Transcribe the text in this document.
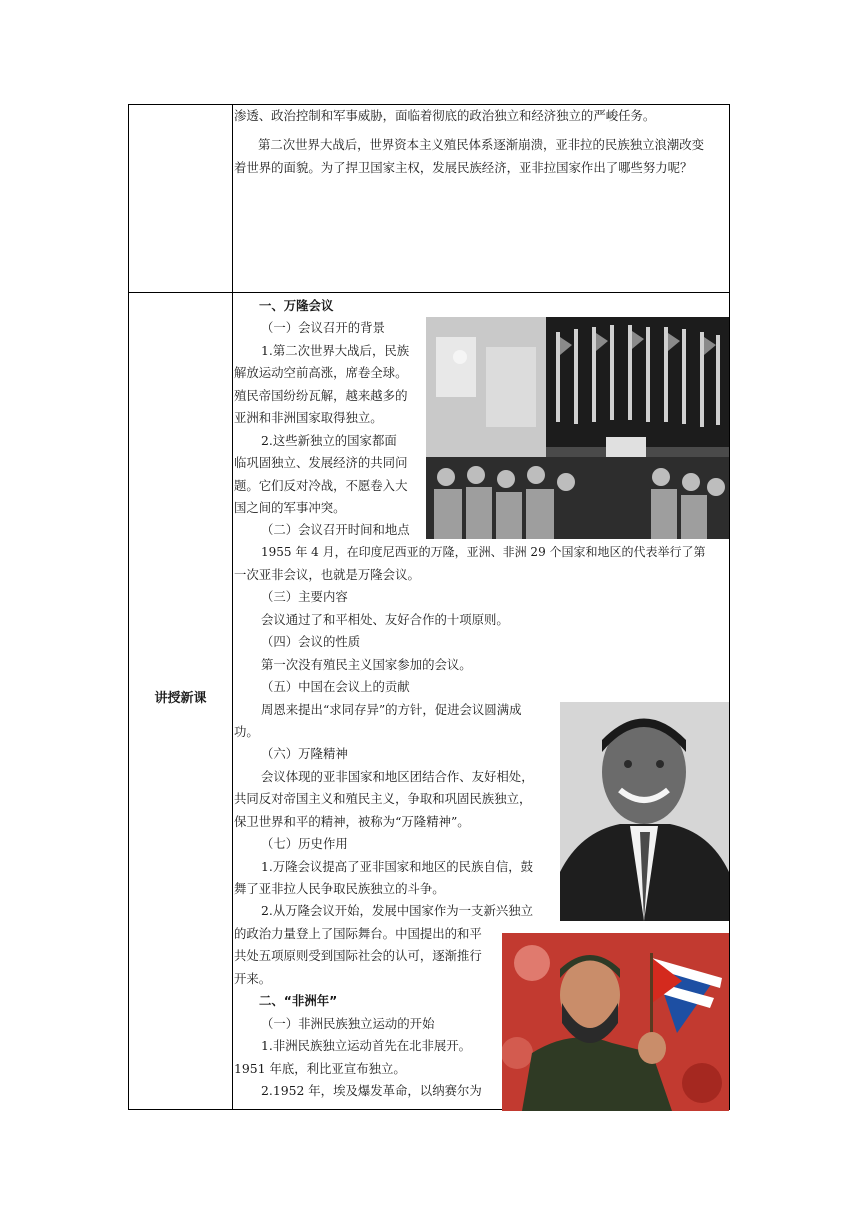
渗透、政治控制和军事威胁，面临着彻底的政治独立和经济独立的严峻任务。
第二次世界大战后，世界资本主义殖民体系逐渐崩溃，亚非拉的民族独立浪潮改变
着世界的面貌。为了捍卫国家主权，发展民族经济，亚非拉国家作出了哪些努力呢？
讲授新课
一、万隆会议
（一）会议召开的背景
1.第二次世界大战后，民族
解放运动空前高涨，席卷全球。
殖民帝国纷纷瓦解，越来越多的
亚洲和非洲国家取得独立。
2.这些新独立的国家都面
临巩固独立、发展经济的共同问
题。它们反对冷战，不愿卷入大
国之间的军事冲突。
（二）会议召开时间和地点
1955 年 4 月，在印度尼西亚的万隆，亚洲、非洲 29 个国家和地区的代表举行了第
一次亚非会议，也就是万隆会议。
（三）主要内容
会议通过了和平相处、友好合作的十项原则。
（四）会议的性质
第一次没有殖民主义国家参加的会议。
（五）中国在会议上的贡献
周恩来提出“求同存异”的方针，促进会议圆满成
功。
（六）万隆精神
会议体现的亚非国家和地区团结合作、友好相处，
共同反对帝国主义和殖民主义，争取和巩固民族独立，
保卫世界和平的精神，被称为“万隆精神”。
（七）历史作用
1.万隆会议提高了亚非国家和地区的民族自信，鼓
舞了亚非拉人民争取民族独立的斗争。
2.从万隆会议开始，发展中国家作为一支新兴独立
的政治力量登上了国际舞台。中国提出的和平
共处五项原则受到国际社会的认可，逐渐推行
开来。
二、“非洲年”
（一）非洲民族独立运动的开始
1.非洲民族独立运动首先在北非展开。
1951 年底，利比亚宣布独立。
2.1952 年，埃及爆发革命，以纳赛尔为
